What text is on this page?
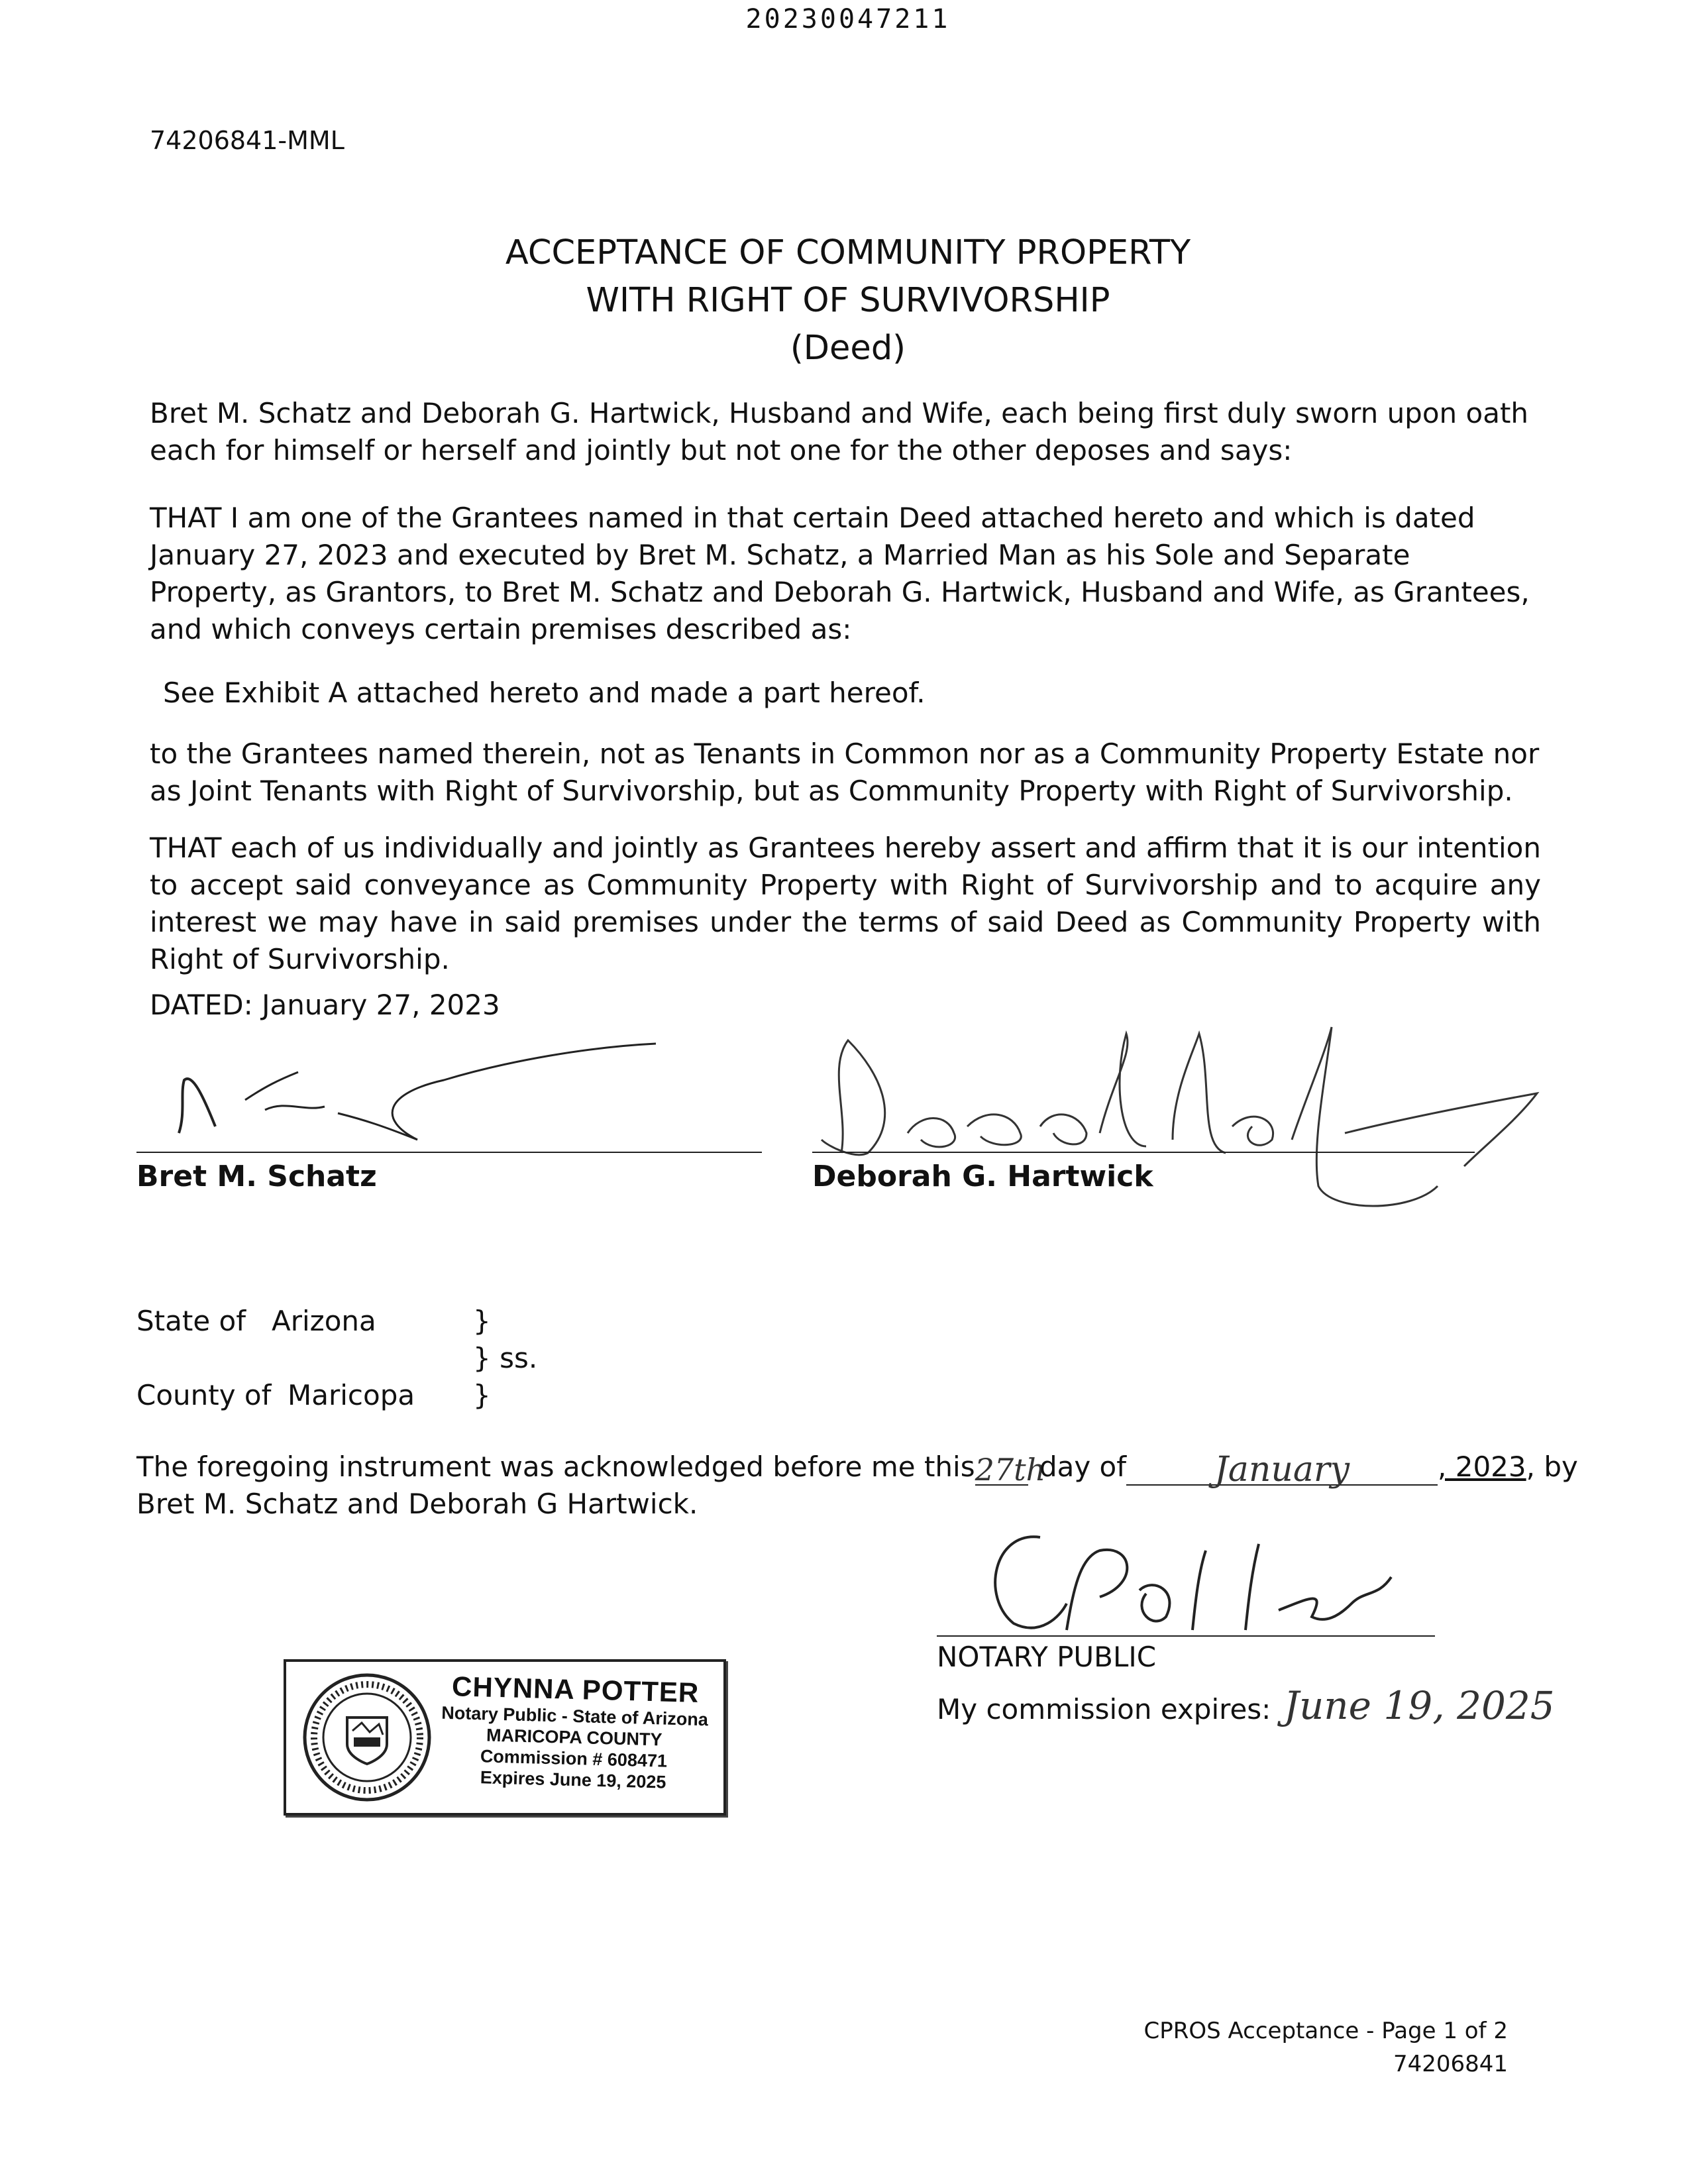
20230047211
74206841-MML
ACCEPTANCE OF COMMUNITY PROPERTY
WITH RIGHT OF SURVIVORSHIP
(Deed)

Bret M. Schatz and Deborah G. Hartwick, Husband and Wife, each being first duly sworn upon oath each for himself or herself and jointly but not one for the other deposes and says:

THAT I am one of the Grantees named in that certain Deed attached hereto and which is dated January 27, 2023 and executed by Bret M. Schatz, a Married Man as his Sole and Separate Property, as Grantors, to Bret M. Schatz and Deborah G. Hartwick, Husband and Wife, as Grantees, and which conveys certain premises described as:

See Exhibit A attached hereto and made a part hereof.

to the Grantees named therein, not as Tenants in Common nor as a Community Property Estate nor as Joint Tenants with Right of Survivorship, but as Community Property with Right of Survivorship.

THAT each of us individually and jointly as Grantees hereby assert and affirm that it is our intention to accept said conveyance as Community Property with Right of Survivorship and to acquire any interest we may have in said premises under the terms of said Deed as Community Property with Right of Survivorship.

DATED: January 27, 2023
Bret M. Schatz	Deborah G. Hartwick
State of Arizona	}
} ss.
County of Maricopa }
The foregoing instrument was acknowledged before me this27th day of	January	, 2023, by
Bret M. Schatz and Deborah G Hartwick.
NOTARY PUBLIC
My commission expires: June 19, 2025
CHYNNA POTTER
Notary Public - State of Arizona
MARICOPA COUNTY
Commission # 608471
Expires June 19, 2025
CPROS Acceptance - Page 1 of 2
74206841
